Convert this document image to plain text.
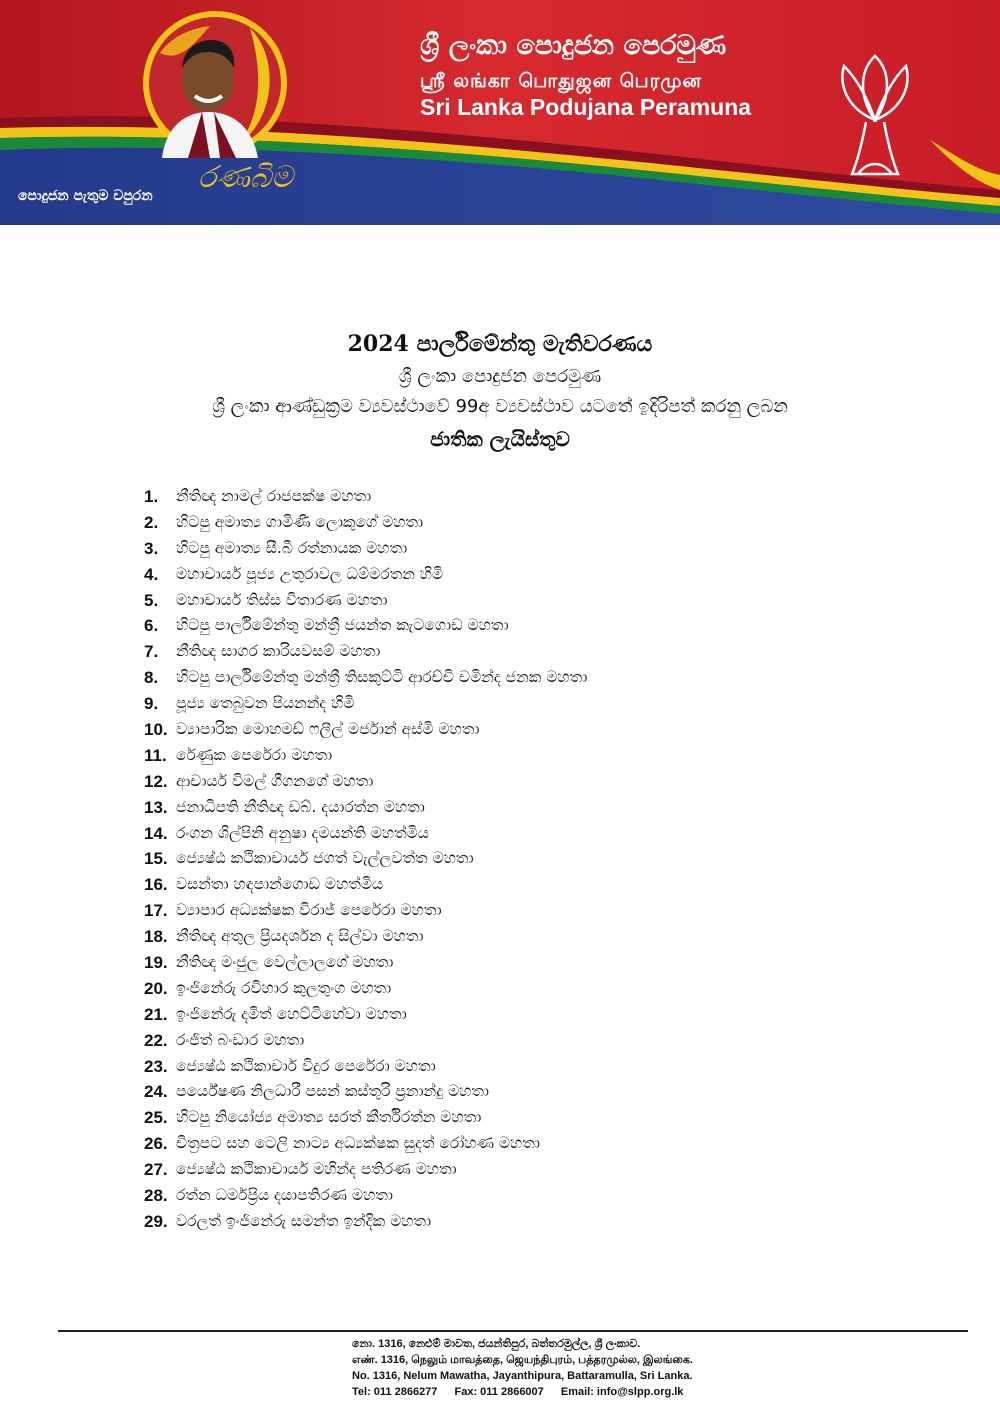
ශ්‍රී ලංකා පොදුජන පෙරමුණ
ஸ்ரீ லங்கா பொதுஜன பெரமுன
Sri Lanka Podujana Peramuna
පොදුජන පැතුම වපුරන
රණබිම
2024 පාර්ලිමේන්තු මැතිවරණය
ශ්‍රී ලංකා පොදුජන පෙරමුණ
ශ්‍රී ලංකා ආණ්ඩුක්‍රම ව්‍යවස්ථාවේ 99අ ව්‍යවස්ථාව යටතේ ඉදිරිපත් කරනු ලබන
ජාතික ලැයිස්තුව
1.	නීතිඥ නාමල් රාජපක්ෂ මහතා
2.	හිටපු අමාත්‍ය ගාමිණී ලොකුගේ මහතා
3.	හිටපු අමාත්‍ය සී.බී රත්නායක මහතා
4.	මහාචාර්ය පූජ්‍ය උතුරාවල ධම්මරතන හිමි
5.	මහාචාර්ය තිස්ස විතාරණ මහතා
6.	හිටපු පාර්ලිමේන්තු මන්ත්‍රී ජයන්ත කැටගොඩ මහතා
7.	නීතිඥ සාගර කාරියවසම් මහතා
8.	හිටපු පාර්ලිමේන්තු මන්ත්‍රී තිසකුට්ටි ආරච්චි චමින්ද ජනක මහතා
9.	පූජ්‍ය තෙබුවන පියනන්ද හිමි
10. ව්‍යාපාරික මොහමඩ් ෆලීල් මර්ජාන් අස්මි මහතා
11. රේණුක පෙරේරා මහතා
12. ආචාර්ය විමල් ගීගනගේ මහතා
13. ජනාධිපති නීතිඥ ඩබ්. දයාරත්න මහතා
14. රංගන ශිල්පිනි අනුෂා දමයන්ති මහත්මිය
15. ජ්‍යෙෂ්ඨ කථිකාචාර්ය ජගත් වැල්ලවත්ත මහතා
16. වසන්තා හඳපාන්ගොඩ මහත්මිය
17. ව්‍යාපාර අධ්‍යක්ෂක විරාජ් පෙරේරා මහතා
18. නීතිඥ අතුල ප්‍රියදර්ශන ද සිල්වා මහතා
19. නීතිඥ මංජුල වෙල්ලාලගේ මහතා
20. ඉංජිනේරු රවිහාර කුලතුංග මහතා
21. ඉංජිනේරු දමිත් හෙට්ටිහේවා මහතා
22. රංජිත් බංඩාර මහතා
23. ජ්‍යෙෂ්ඨ කථිකාචාර් විදුර පෙරේරා මහතා
24. පර්යේෂණ නිලධාරී පසන් කස්තුරි ප්‍රනාන්දු මහතා
25. හිටපු නියෝජ්‍ය අමාත්‍ය සරත් කීර්තිරත්න මහතා
26. චිත්‍රපට සහ ටෙලි නාට්‍ය අධ්‍යක්ෂක සුදත් රෝහණ මහතා
27. ජ්‍යෙෂ්ඨ කථිකාචාර්ය මහින්ද පතිරණ මහතා
28. රත්න ධර්මප්‍රිය දයාපතිරණ මහතා
29. වරලත් ඉංජිනේරු සමන්ත ඉන්දික මහතා
නො. 1316, නෙළුම් මාවත, ජයන්තිපුර, බත්තරමුල්ල, ශ්‍රී ලංකාව.
எண். 1316, நெலும் மாவத்தை, ஜெயந்திபுரம், பத்தரமுல்ல, இலங்கை.
No. 1316, Nelum Mawatha, Jayanthipura, Battaramulla, Sri Lanka.
Tel: 011 2866277 Fax: 011 2866007 Email: info@slpp.org.lk
